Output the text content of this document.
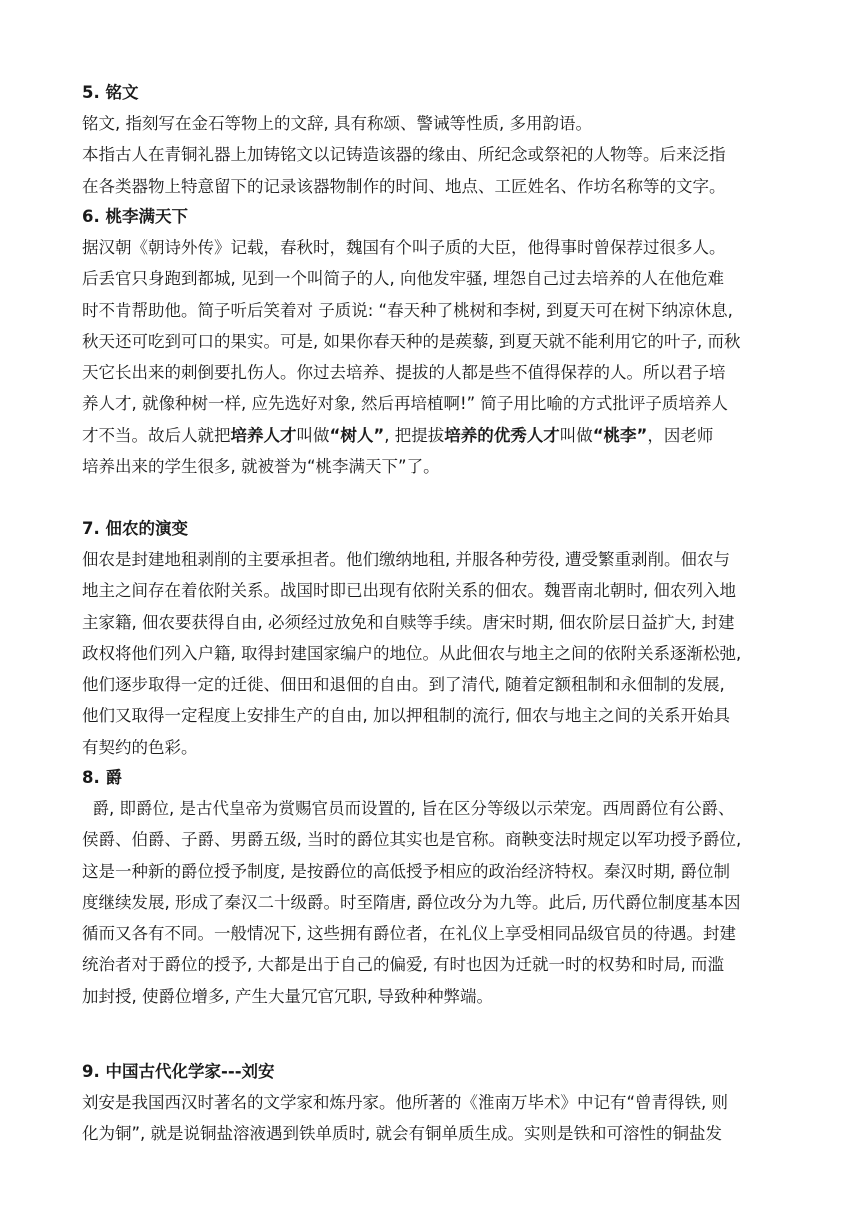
5. 铭文
铭文, 指刻写在金石等物上的文辞, 具有称颂、警诫等性质, 多用韵语。
本指古人在青铜礼器上加铸铭文以记铸造该器的缘由、所纪念或祭祀的人物等。后来泛指
在各类器物上特意留下的记录该器物制作的时间、地点、工匠姓名、作坊名称等的文字。
6. 桃李满天下
据汉朝《朝诗外传》记载，春秋时，魏国有个叫子质的大臣，他得事时曾保荐过很多人。
后丢官只身跑到都城, 见到一个叫简子的人, 向他发牢骚, 埋怨自己过去培养的人在他危难
时不肯帮助他。简子听后笑着对 子质说: “春天种了桃树和李树, 到夏天可在树下纳凉休息,
秋天还可吃到可口的果实。可是, 如果你春天种的是蒺藜, 到夏天就不能利用它的叶子, 而秋
天它长出来的刺倒要扎伤人。你过去培养、提拔的人都是些不值得保荐的人。所以君子培
养人才, 就像种树一样, 应先选好对象, 然后再培植啊!” 简子用比喻的方式批评子质培养人
才不当。故后人就把培养人才叫做“树人”, 把提拔培养的优秀人才叫做“桃李”，因老师
培养出来的学生很多, 就被誉为“桃李满天下”了。
7. 佃农的演变
佃农是封建地租剥削的主要承担者。他们缴纳地租, 并服各种劳役, 遭受繁重剥削。佃农与
地主之间存在着依附关系。战国时即已出现有依附关系的佃农。魏晋南北朝时, 佃农列入地
主家籍, 佃农要获得自由, 必须经过放免和自赎等手续。唐宋时期, 佃农阶层日益扩大, 封建
政权将他们列入户籍, 取得封建国家编户的地位。从此佃农与地主之间的依附关系逐渐松弛,
他们逐步取得一定的迁徙、佃田和退佃的自由。到了清代, 随着定额租制和永佃制的发展,
他们又取得一定程度上安排生产的自由, 加以押租制的流行, 佃农与地主之间的关系开始具
有契约的色彩。
8. 爵
爵, 即爵位, 是古代皇帝为赏赐官员而设置的, 旨在区分等级以示荣宠。西周爵位有公爵、
侯爵、伯爵、子爵、男爵五级, 当时的爵位其实也是官称。商鞅变法时规定以军功授予爵位,
这是一种新的爵位授予制度, 是按爵位的高低授予相应的政治经济特权。秦汉时期, 爵位制
度继续发展, 形成了秦汉二十级爵。时至隋唐, 爵位改分为九等。此后, 历代爵位制度基本因
循而又各有不同。一般情况下, 这些拥有爵位者，在礼仪上享受相同品级官员的待遇。封建
统治者对于爵位的授予, 大都是出于自己的偏爱, 有时也因为迁就一时的权势和时局, 而滥
加封授, 使爵位增多, 产生大量冗官冗职, 导致种种弊端。
9. 中国古代化学家---刘安
刘安是我国西汉时著名的文学家和炼丹家。他所著的《淮南万毕术》中记有“曾青得铁, 则
化为铜”, 就是说铜盐溶液遇到铁单质时, 就会有铜单质生成。实则是铁和可溶性的铜盐发
